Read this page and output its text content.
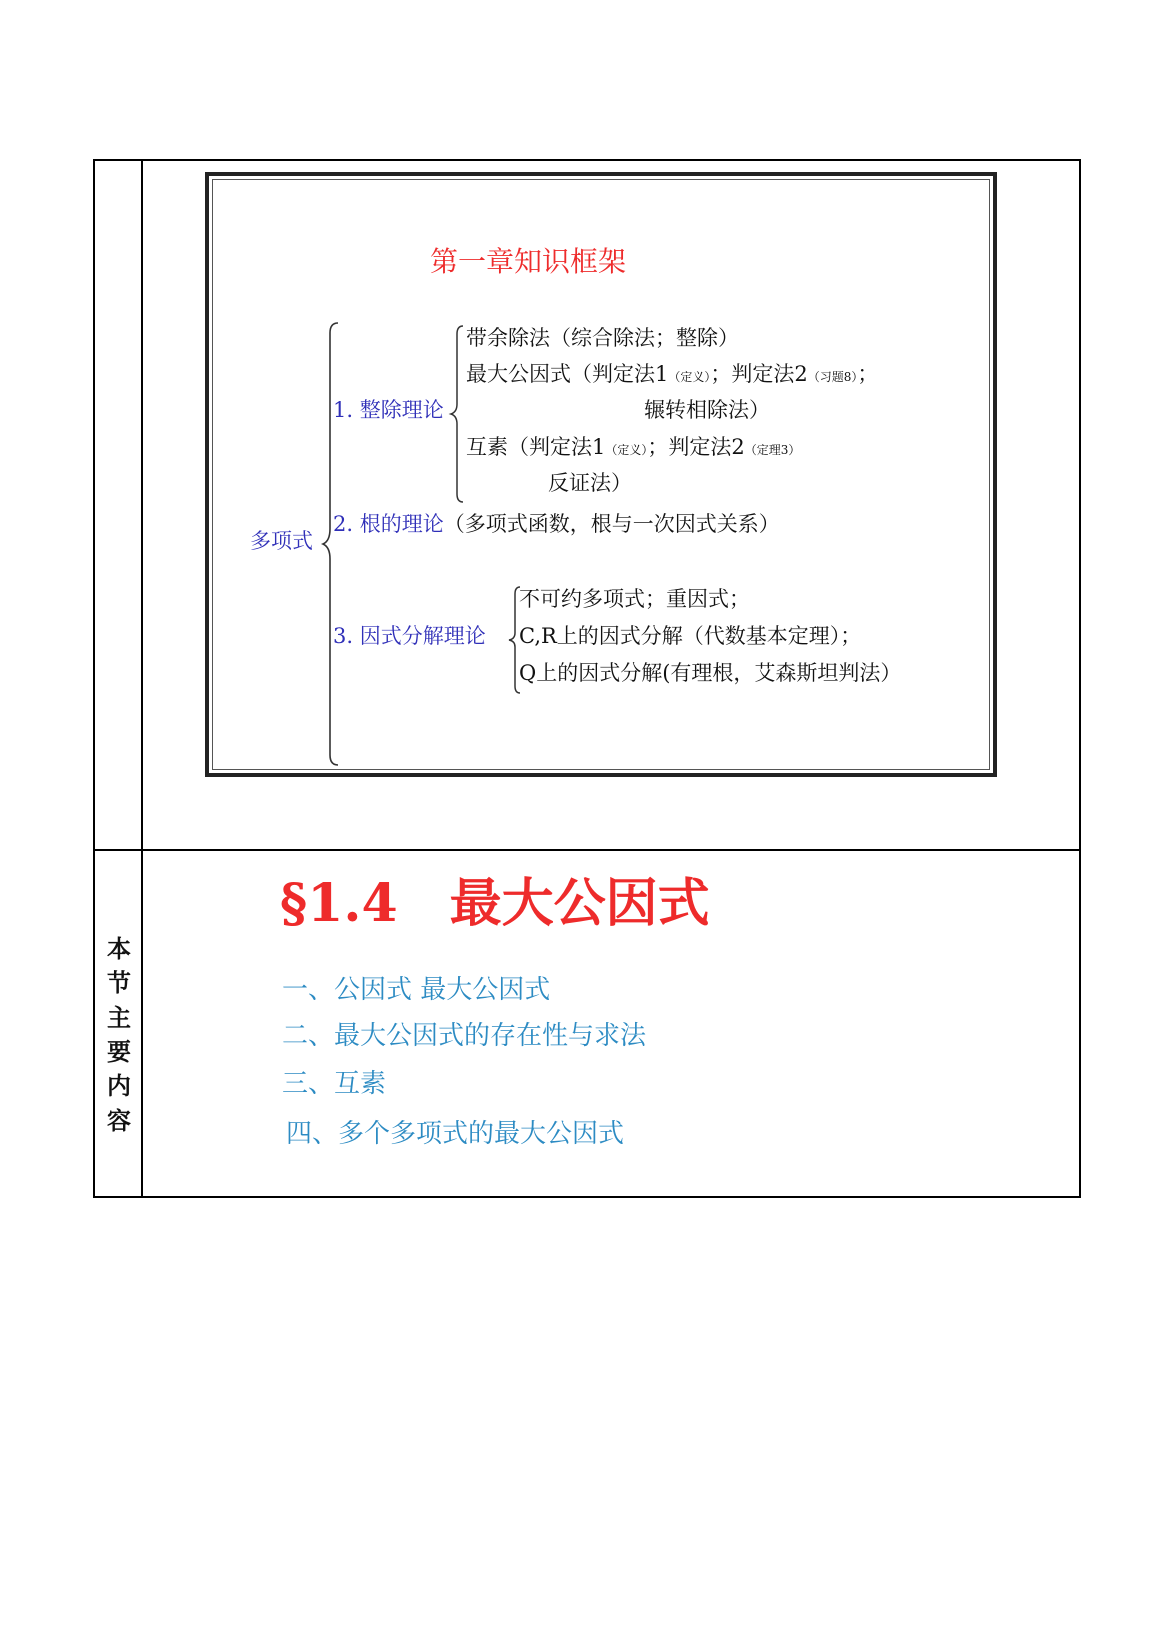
第一章知识框架
多项式
1. 整除理论
带余除法（综合除法；整除）
最大公因式（判定法1（定义）；判定法2（习题8）；
辗转相除法）
互素（判定法1（定义）；判定法2（定理3）
反证法）
2. 根的理论（多项式函数，根与一次因式关系）
3. 因式分解理论
不可约多项式；重因式；
C,R上的因式分解（代数基本定理）；
Q上的因式分解(有理根，艾森斯坦判法）
本
节
主
要
内
容
§1.4　最大公因式
一、公因式 最大公因式
二、最大公因式的存在性与求法
三、互素
四、多个多项式的最大公因式
